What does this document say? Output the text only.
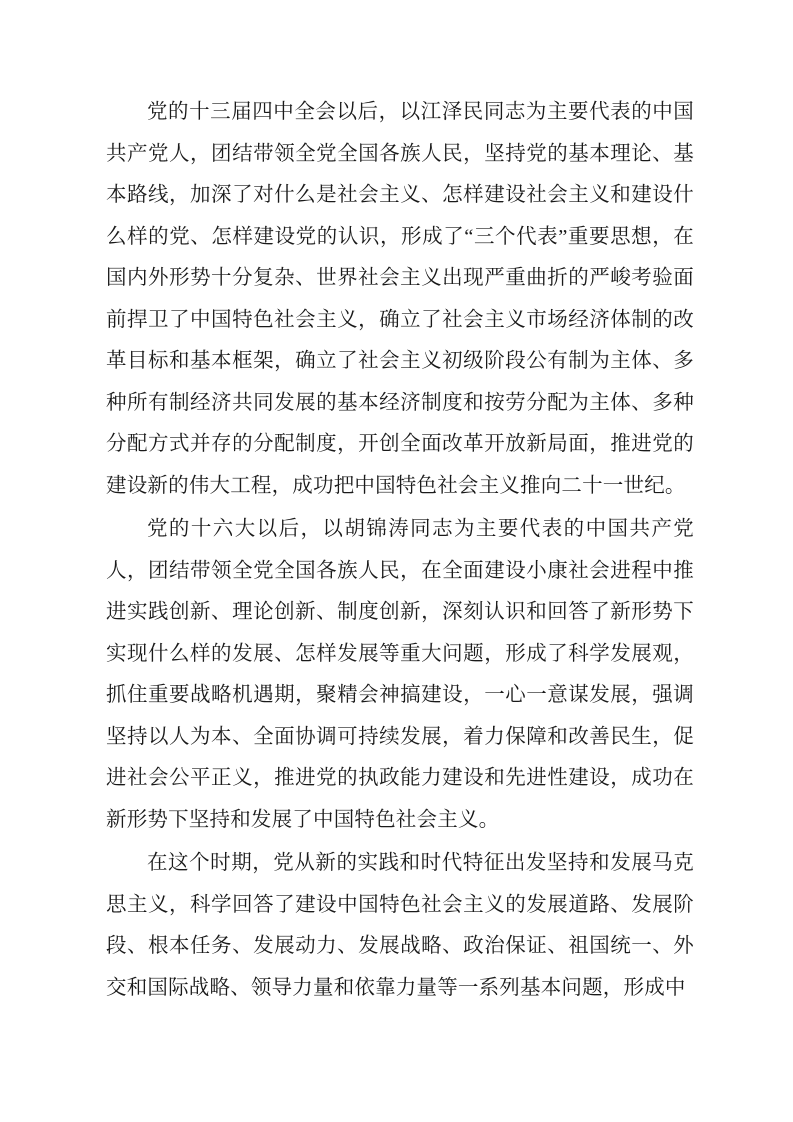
党的十三届四中全会以后，以江泽民同志为主要代表的中国共产党人，团结带领全党全国各族人民，坚持党的基本理论、基本路线，加深了对什么是社会主义、怎样建设社会主义和建设什么样的党、怎样建设党的认识，形成了“三个代表”重要思想，在国内外形势十分复杂、世界社会主义出现严重曲折的严峻考验面前捍卫了中国特色社会主义，确立了社会主义市场经济体制的改革目标和基本框架，确立了社会主义初级阶段公有制为主体、多种所有制经济共同发展的基本经济制度和按劳分配为主体、多种分配方式并存的分配制度，开创全面改革开放新局面，推进党的建设新的伟大工程，成功把中国特色社会主义推向二十一世纪。

党的十六大以后，以胡锦涛同志为主要代表的中国共产党人，团结带领全党全国各族人民，在全面建设小康社会进程中推进实践创新、理论创新、制度创新，深刻认识和回答了新形势下实现什么样的发展、怎样发展等重大问题，形成了科学发展观，抓住重要战略机遇期，聚精会神搞建设，一心一意谋发展，强调坚持以人为本、全面协调可持续发展，着力保障和改善民生，促进社会公平正义，推进党的执政能力建设和先进性建设，成功在新形势下坚持和发展了中国特色社会主义。

在这个时期，党从新的实践和时代特征出发坚持和发展马克思主义，科学回答了建设中国特色社会主义的发展道路、发展阶段、根本任务、发展动力、发展战略、政治保证、祖国统一、外交和国际战略、领导力量和依靠力量等一系列基本问题，形成中
